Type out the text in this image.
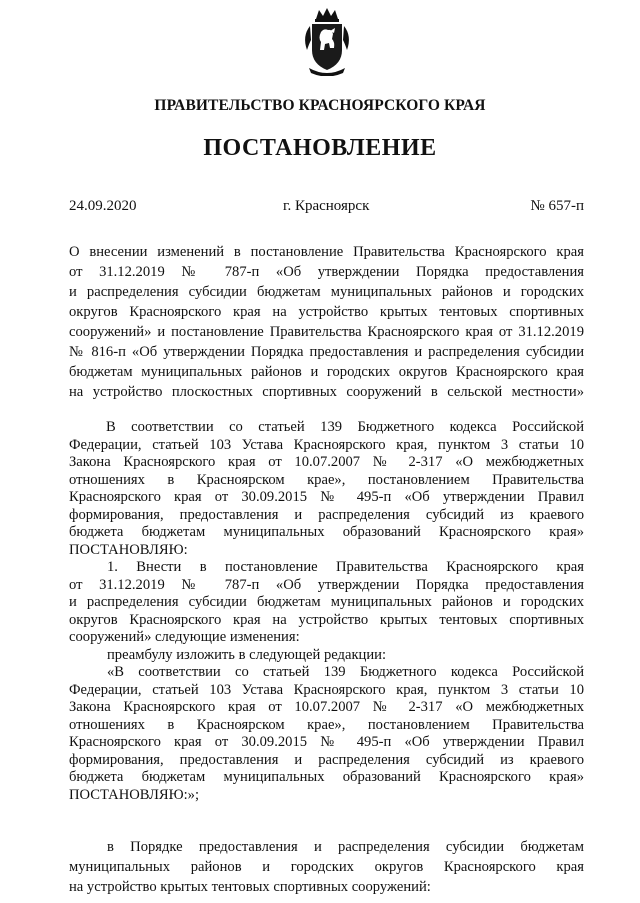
ПРАВИТЕЛЬСТВО КРАСНОЯРСКОГО КРАЯ
ПОСТАНОВЛЕНИЕ
24.09.2020	г. Красноярск	№ 657-п
О внесении изменений в постановление Правительства Красноярского края
от 31.12.2019 № 787-п «Об утверждении Порядка предоставления
и распределения субсидии бюджетам муниципальных районов и городских
округов Красноярского края на устройство крытых тентовых спортивных
сооружений» и постановление Правительства Красноярского края от 31.12.2019
№ 816-п «Об утверждении Порядка предоставления и распределения субсидии
бюджетам муниципальных районов и городских округов Красноярского края
на устройство плоскостных спортивных сооружений в сельской местности»
В соответствии со статьей 139 Бюджетного кодекса Российской
Федерации, статьей 103 Устава Красноярского края, пунктом 3 статьи 10
Закона Красноярского края от 10.07.2007 № 2-317 «О межбюджетных
отношениях в Красноярском крае», постановлением Правительства
Красноярского края от 30.09.2015 № 495-п «Об утверждении Правил
формирования, предоставления и распределения субсидий из краевого
бюджета бюджетам муниципальных образований Красноярского края»
ПОСТАНОВЛЯЮ:
1. Внести в постановление Правительства Красноярского края
от 31.12.2019 № 787-п «Об утверждении Порядка предоставления
и распределения субсидии бюджетам муниципальных районов и городских
округов Красноярского края на устройство крытых тентовых спортивных
сооружений» следующие изменения:
преамбулу изложить в следующей редакции:
«В соответствии со статьей 139 Бюджетного кодекса Российской
Федерации, статьей 103 Устава Красноярского края, пунктом 3 статьи 10
Закона Красноярского края от 10.07.2007 № 2-317 «О межбюджетных
отношениях в Красноярском крае», постановлением Правительства
Красноярского края от 30.09.2015 № 495-п «Об утверждении Правил
формирования, предоставления и распределения субсидий из краевого
бюджета бюджетам муниципальных образований Красноярского края»
ПОСТАНОВЛЯЮ:»;
в Порядке предоставления и распределения субсидии бюджетам
муниципальных районов и городских округов Красноярского края
на устройство крытых тентовых спортивных сооружений:
